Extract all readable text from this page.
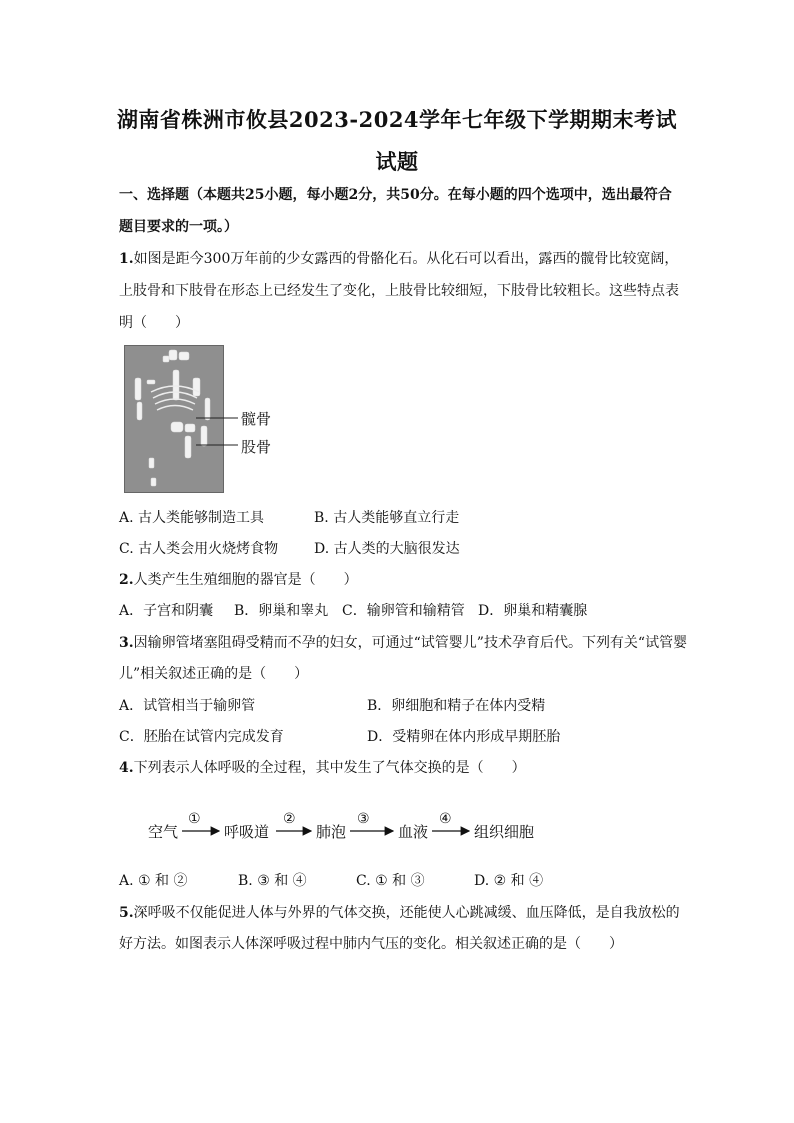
湖南省株洲市攸县2023-2024学年七年级下学期期末考试
试题
一、选择题（本题共25小题，每小题2分，共50分。在每小题的四个选项中，选出最符合
题目要求的一项。）
1.如图是距今300万年前的少女露西的骨骼化石。从化石可以看出，露西的髋骨比较宽阔，
上肢骨和下肢骨在形态上已经发生了变化，上肢骨比较细短，下肢骨比较粗长。这些特点表
明（　　）
髋骨
股骨
A. 古人类能够制造工具	B. 古人类能够直立行走
C. 古人类会用火烧烤食物	D. 古人类的大脑很发达
2.人类产生生殖细胞的器官是（　　）
A．子宫和阴囊 B．卵巢和睾丸 C．输卵管和输精管 D．卵巢和精囊腺
3.因输卵管堵塞阻碍受精而不孕的妇女，可通过“试管婴儿”技术孕育后代。下列有关“试管婴
儿”相关叙述正确的是（　　）
A．试管相当于输卵管	B．卵细胞和精子在体内受精
C．胚胎在试管内完成发育	D．受精卵在体内形成早期胚胎
4.下列表示人体呼吸的全过程，其中发生了气体交换的是（　　）
空气	呼吸道	肺泡	血液	组织细胞
①	②	③	④
A. ① 和 ②	B. ③ 和 ④	C. ① 和 ③	D. ② 和 ④
5.深呼吸不仅能促进人体与外界的气体交换，还能使人心跳减缓、血压降低，是自我放松的
好方法。如图表示人体深呼吸过程中肺内气压的变化。相关叙述正确的是（　　）
